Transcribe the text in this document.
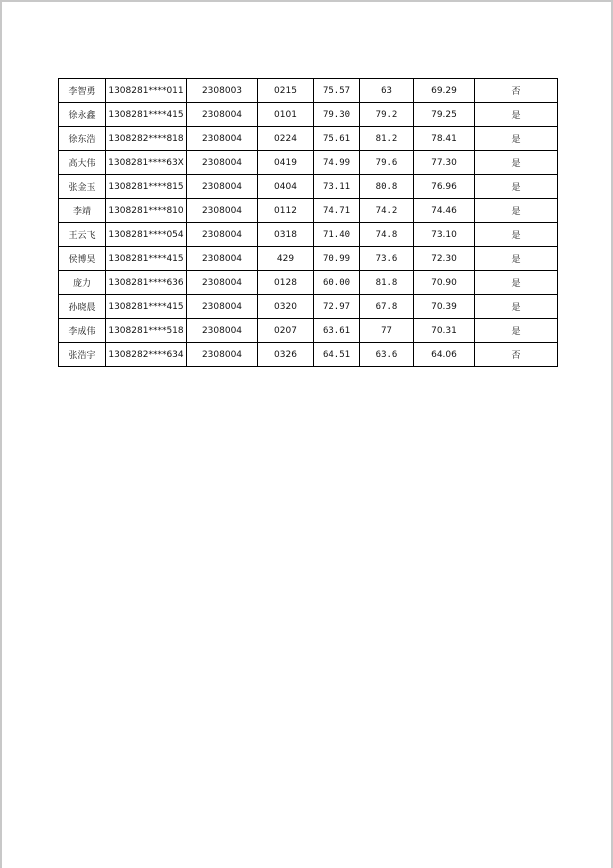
李智勇	1308281****011	2308003	0215	75.57	63	69.29	否
徐永鑫	1308281****415	2308004	0101	79.30	79.2	79.25	是
徐东浩	1308282****818	2308004	0224	75.61	81.2	78.41	是
高大伟	1308281****63X	2308004	0419	74.99	79.6	77.30	是
张金玉	1308281****815	2308004	0404	73.11	80.8	76.96	是
李靖	1308281****810	2308004	0112	74.71	74.2	74.46	是
王云飞	1308281****054	2308004	0318	71.40	74.8	73.10	是
侯博昊	1308281****415	2308004	429	70.99	73.6	72.30	是
庞力	1308281****636	2308004	0128	60.00	81.8	70.90	是
孙晓晨	1308281****415	2308004	0320	72.97	67.8	70.39	是
李成伟	1308281****518	2308004	0207	63.61	77	70.31	是
张浩宇	1308282****634	2308004	0326	64.51	63.6	64.06	否
